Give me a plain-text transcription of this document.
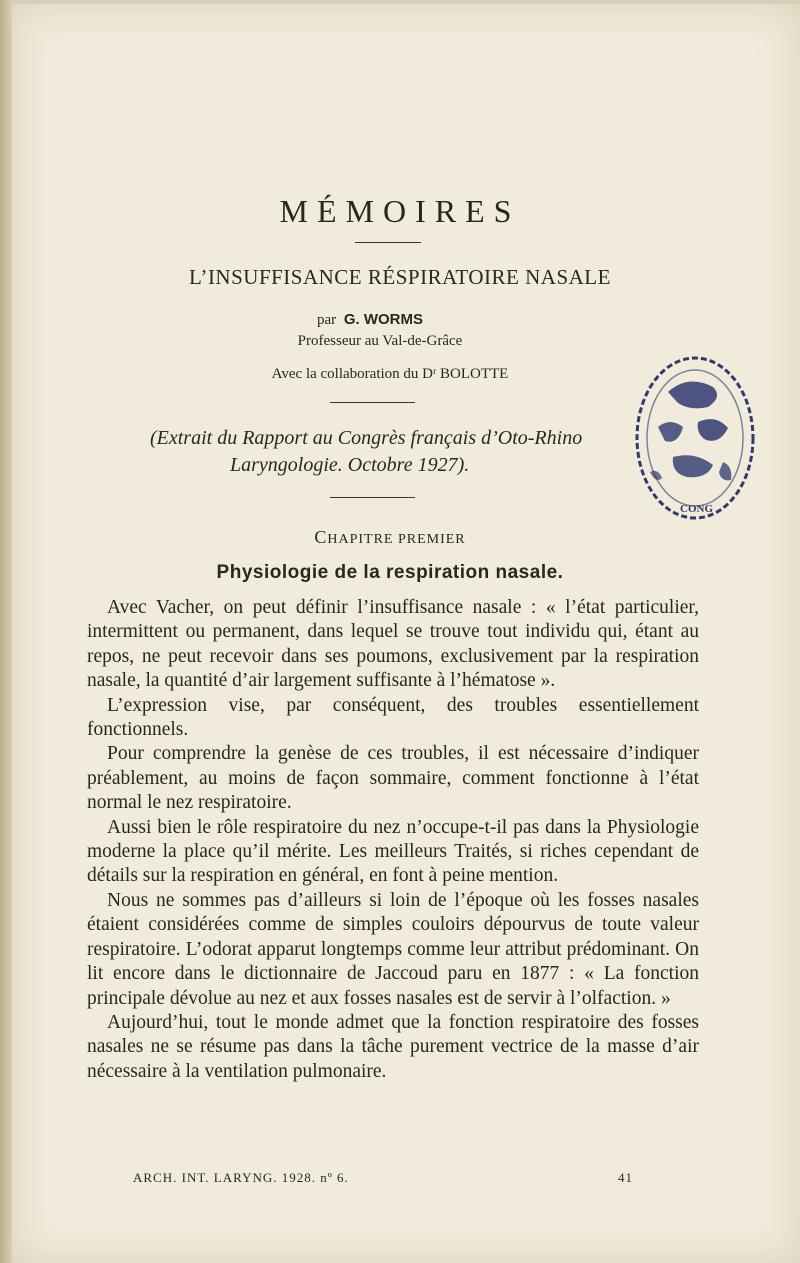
MÉMOIRES
L’INSUFFISANCE RÉSPIRATOIRE NASALE
par G. WORMS
Professeur au Val-de-Grâce
Avec la collaboration du Dʳ BOLOTTE
(Extrait du Rapport au Congrès français d’Oto-Rhino
Laryngologie. Octobre 1927).
CHAPITRE PREMIER
Physiologie de la respiration nasale.

Avec Vacher, on peut définir l’insuffisance nasale : « l’état particulier, intermittent ou permanent, dans lequel se trouve tout individu qui, étant au repos, ne peut recevoir dans ses poumons, exclusivement par la respiration nasale, la quantité d’air largement suffisante à l’hématose ».

L’expression vise, par conséquent, des troubles essentiellement fonctionnels.

Pour comprendre la genèse de ces troubles, il est nécessaire d’indiquer préablement, au moins de façon sommaire, comment fonctionne à l’état normal le nez respiratoire.

Aussi bien le rôle respiratoire du nez n’occupe-t-il pas dans la Physiologie moderne la place qu’il mérite. Les meilleurs Traités, si riches cependant de détails sur la respiration en général, en font à peine mention.

Nous ne sommes pas d’ailleurs si loin de l’époque où les fosses nasales étaient considérées comme de simples couloirs dépourvus de toute valeur respiratoire. L’odorat apparut longtemps comme leur attribut prédominant. On lit encore dans le dictionnaire de Jaccoud paru en 1877 : « La fonction principale dévolue au nez et aux fosses nasales est de servir à l’olfaction. »

Aujourd’hui, tout le monde admet que la fonction respiratoire des fosses nasales ne se résume pas dans la tâche purement vectrice de la masse d’air nécessaire à la ventilation pulmonaire.

ARCH. INT. LARYNG. 1928. nº 6.	41
CONG
